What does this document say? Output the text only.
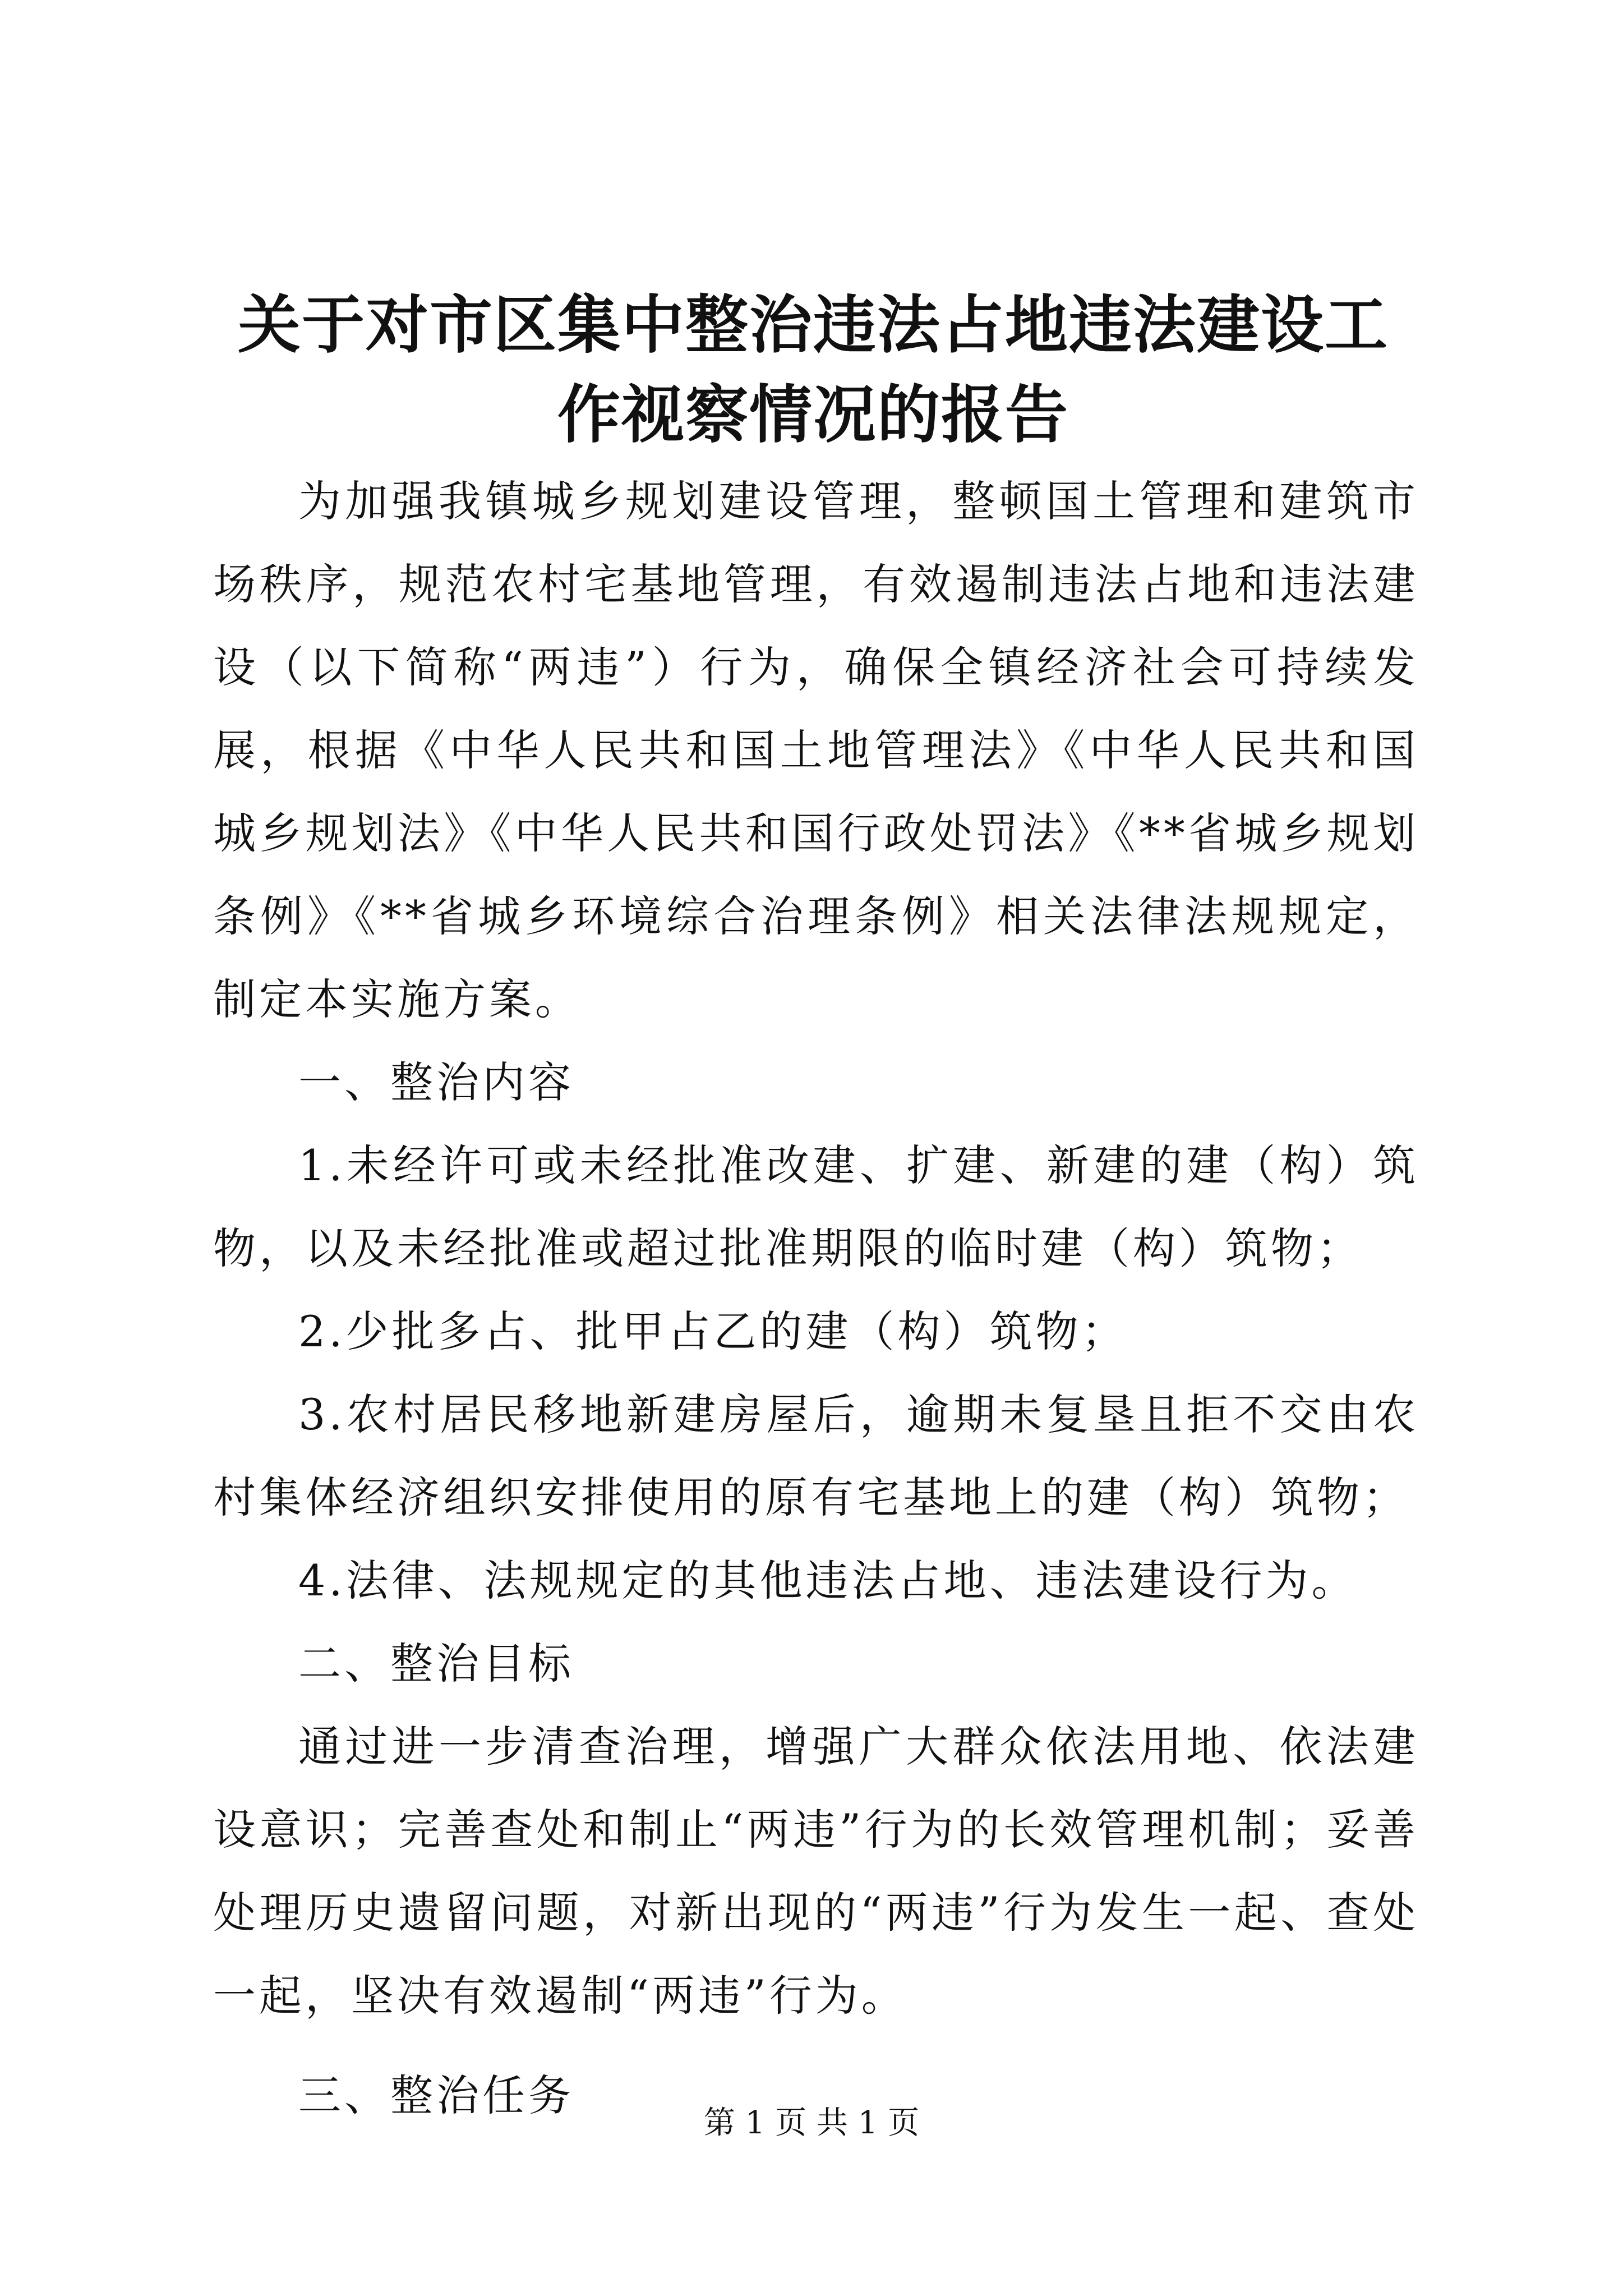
关于对市区集中整治违法占地违法建设工作视察情况的报告

为加强我镇城乡规划建设管理，整顿国土管理和建筑市场秩序，规范农村宅基地管理，有效遏制违法占地和违法建设（以下简称“两违”）行为，确保全镇经济社会可持续发展，根据《中华人民共和国土地管理法》《中华人民共和国城乡规划法》《中华人民共和国行政处罚法》《**省城乡规划条例》《**省城乡环境综合治理条例》相关法律法规规定，制定本实施方案。

一、整治内容

1.未经许可或未经批准改建、扩建、新建的建（构）筑物，以及未经批准或超过批准期限的临时建（构）筑物；

2.少批多占、批甲占乙的建（构）筑物；

3.农村居民移地新建房屋后，逾期未复垦且拒不交由农村集体经济组织安排使用的原有宅基地上的建（构）筑物；

4.法律、法规规定的其他违法占地、违法建设行为。

二、整治目标

通过进一步清查治理，增强广大群众依法用地、依法建设意识；完善查处和制止“两违”行为的长效管理机制；妥善处理历史遗留问题，对新出现的“两违”行为发生一起、查处一起，坚决有效遏制“两违”行为。

三、整治任务

第 1 页 共 1 页
